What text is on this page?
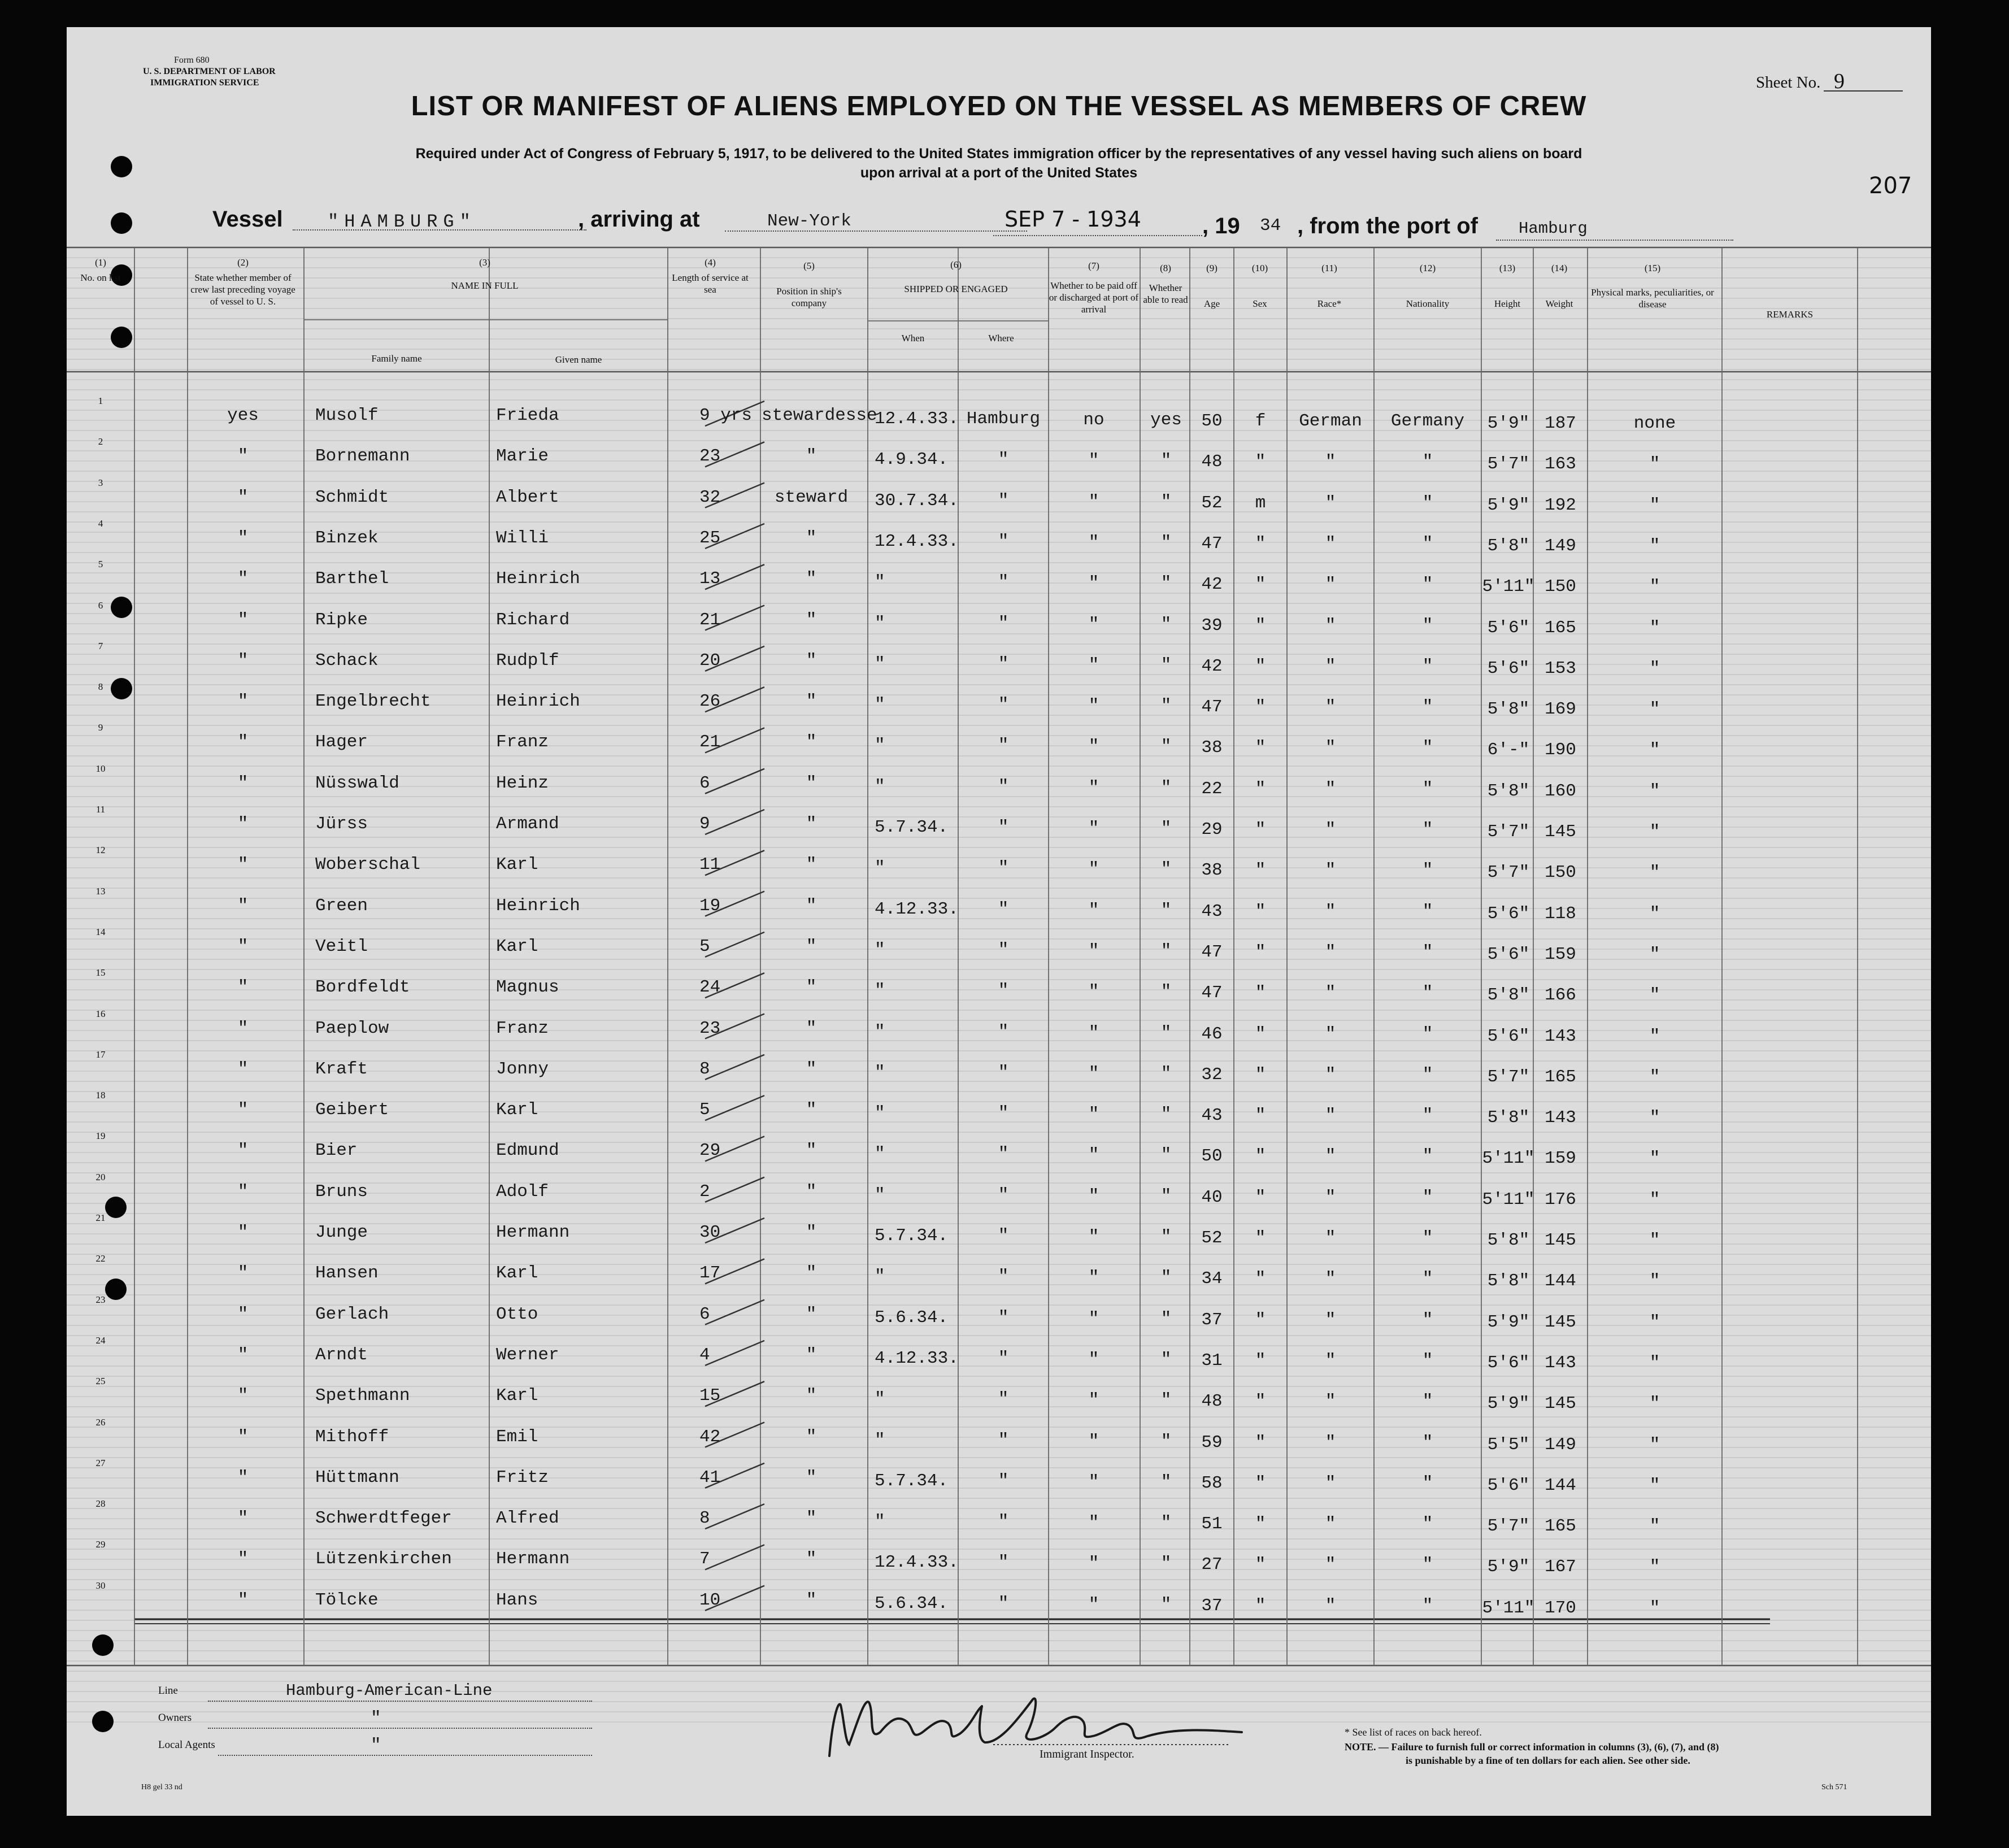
Form 680
U. S. DEPARTMENT OF LABOR
IMMIGRATION SERVICE
LIST OR MANIFEST OF ALIENS EMPLOYED ON THE VESSEL AS MEMBERS OF CREW
Required under Act of Congress of February 5, 1917, to be delivered to the United States immigration officer by the representatives of any vessel having such aliens on board
upon arrival at a port of the United States
Sheet No. 9
207
Vessel "HAMBURG"	, arriving at	New-York	SEP 7 - 1934	, 19 34 , from the port of Hamburg
(1)
No. on list
(2)
State whether member of crew last preceding voyage of vessel to U. S.
(3)
NAME IN FULL
Family name	Given name
(4)
Length of service at sea
(5)
Position in ship's company
(6)
SHIPPED OR ENGAGED
When	Where
(7)
Whether to be paid off or discharged at port of arrival
(8)
Whether able to read
(9)
Age
(10)
Sex
(11)
Race*
(12)
Nationality
(13)
Height
(14)
Weight
(15)
Physical marks, peculiarities, or disease
REMARKS
1
yes	Musolf	Frieda	9 yrs stewardesse
12.4.33. Hamburg	no	yes	50	f	German	Germany	5'9" 187	none
2
"	Bornemann	Marie	23	"	4.9.34.	"	"	"	48	"	"	"	5'7" 163	"
3
"	Schmidt	Albert	32	steward	30.7.34.	"	"	"	52	m	"	"	5'9" 192	"
4
"	Binzek	Willi	25	"	12.4.33.	"	"	"	47	"	"	"	5'8" 149	"
5
"	Barthel	Heinrich	13	"	"	"	"	"	42	"	"	"	5'11" 150	"
6
"	Ripke	Richard	21	"	"	"	"	"	39	"	"	"	5'6" 165	"
7
"	Schack	Rudplf	20	"	"	"	"	"	42	"	"	"	5'6" 153	"
8
"	Engelbrecht	Heinrich	26	"	"	"	"	"	47	"	"	"	5'8" 169	"
9
"	Hager	Franz	21	"	"	"	"	"	38	"	"	"	6'-" 190	"
10
"	Nüsswald	Heinz	6	"	"	"	"	"	22	"	"	"	5'8" 160	"
11
"	Jürss	Armand	9	"	5.7.34.	"	"	"	29	"	"	"	5'7" 145	"
12
"	Woberschal	Karl	11	"	"	"	"	"	38	"	"	"	5'7" 150	"
13
"	Green	Heinrich	19	"	4.12.33.	"	"	"	43	"	"	"	5'6" 118	"
14
"	Veitl	Karl	5	"	"	"	"	"	47	"	"	"	5'6" 159	"
15
"	Bordfeldt	Magnus	24	"	"	"	"	"	47	"	"	"	5'8" 166	"
16
"	Paeplow	Franz	23	"	"	"	"	"	46	"	"	"	5'6" 143	"
17
"	Kraft	Jonny	8	"	"	"	"	"	32	"	"	"	5'7" 165	"
18
"	Geibert	Karl	5	"	"	"	"	"	43	"	"	"	5'8" 143	"
19
"	Bier	Edmund	29	"	"	"	"	"	50	"	"	"	5'11" 159	"
20
"	Bruns	Adolf	2	"	"	"	"	"	40	"	"	"	5'11" 176	"
21
"	Junge	Hermann	30	"	5.7.34.	"	"	"	52	"	"	"	5'8" 145	"
22
"	Hansen	Karl	17	"	"	"	"	"	34	"	"	"	5'8" 144	"
23
"	Gerlach	Otto	6	"	5.6.34.	"	"	"	37	"	"	"	5'9" 145	"
24
"	Arndt	Werner	4	"	4.12.33.	"	"	"	31	"	"	"	5'6" 143	"
25
"	Spethmann	Karl	15	"	"	"	"	"	48	"	"	"	5'9" 145	"
26
"	Mithoff	Emil	42	"	"	"	"	"	59	"	"	"	5'5" 149	"
27
"	Hüttmann	Fritz	41	"	5.7.34.	"	"	"	58	"	"	"	5'6" 144	"
28
"	Schwerdtfeger	Alfred	8	"	"	"	"	"	51	"	"	"	5'7" 165	"
29
"	Lützenkirchen	Hermann	7	"	12.4.33.	"	"	"	27	"	"	"	5'9" 167	"
30
"	Tölcke	Hans	10	"	5.6.34.	"	"	"	37	"	"	"	5'11" 170	"
Line	Hamburg-American-Line
Owners	"
Local Agents	"
H8 gel 33 nd
Immigrant Inspector.
* See list of races on back hereof.
NOTE. — Failure to furnish full or correct information in columns (3), (6), (7), and (8)
is punishable by a fine of ten dollars for each alien. See other side.
Sch 571
